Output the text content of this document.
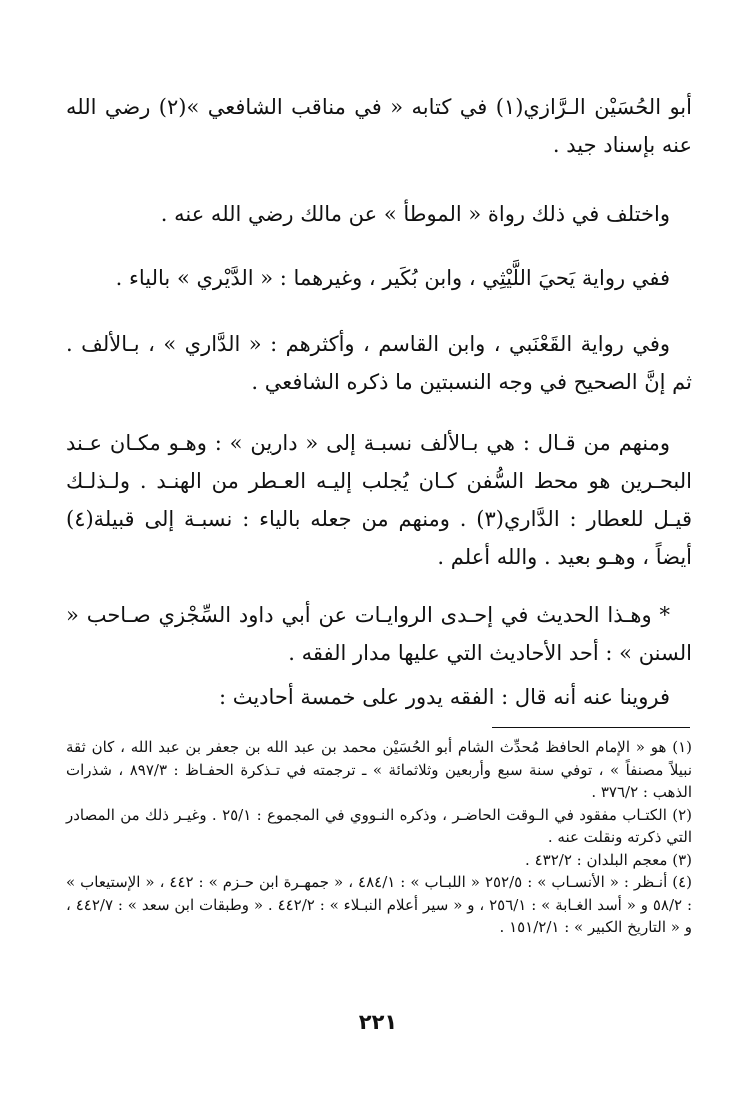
أبو الحُسَيْن الـرَّازي(١) في كتابه « في مناقب الشافعي »(٢) رضي الله عنه بإسناد جيد .

واختلف في ذلك رواة « الموطأ » عن مالك رضي الله عنه .

ففي رواية يَحيَ اللَّيْثِي ، وابن بُكَير ، وغيرهما : « الدَّيْري » بالياء .

وفي رواية القَعْنَبي ، وابن القاسم ، وأكثرهم : « الدَّاري » ، بـالألف . ثم إنَّ الصحيح في وجه النسبتين ما ذكره الشافعي .

ومنهم من قـال : هي بـالألف نسبـة إلى « دارين » : وهـو مكـان عـند البحـرين هو محط السُّفن كـان يُجلب إليـه العـطر من الهنـد . ولـذلـك قيـل للعطار : الدَّاري(٣) . ومنهم من جعله بالياء : نسبـة إلى قبيلة(٤) أيضاً ، وهـو بعيد . والله أعلم .

* وهـذا الحديث في إحـدى الروايـات عن أبي داود السِّجْزي صـاحب « السنن » : أحد الأحاديث التي عليها مدار الفقه .

فروينا عنه أنه قال : الفقه يدور على خمسة أحاديث :

(١) هو « الإمام الحافظ مُحدِّث الشام أبو الحُسَيْن محمد بن عبد الله بن جعفر بن عبد الله ، كان ثقة نبيلاً مصنفاً » ، توفي سنة سبع وأربعين وثلاثمائة » ـ ترجمته في تـذكرة الحفـاظ : ٨٩٧/٣ ، شذرات الذهب : ٣٧٦/٢ .

(٢) الكتـاب مفقود في الـوقت الحاضـر ، وذكره النـووي في المجموع : ٢٥/١ . وغيـر ذلك من المصادر التي ذكرته ونقلت عنه .

(٣) معجم البلدان : ٤٣٢/٢ .

(٤) أنـظر : « الأنسـاب » : ٢٥٢/٥ « اللبـاب » : ٤٨٤/١ ، « جمهـرة ابن حـزم » : ٤٤٢ ، « الإستيعاب » : ٥٨/٢ و « أسد الغـابة » : ٢٥٦/١ ، و « سير أعلام النبـلاء » : ٤٤٢/٢ . « وطبقات ابن سعد » : ٤٤٢/٧ ، و « التاريخ الكبير » : ١٥١/٢/١ .

٢٢١
